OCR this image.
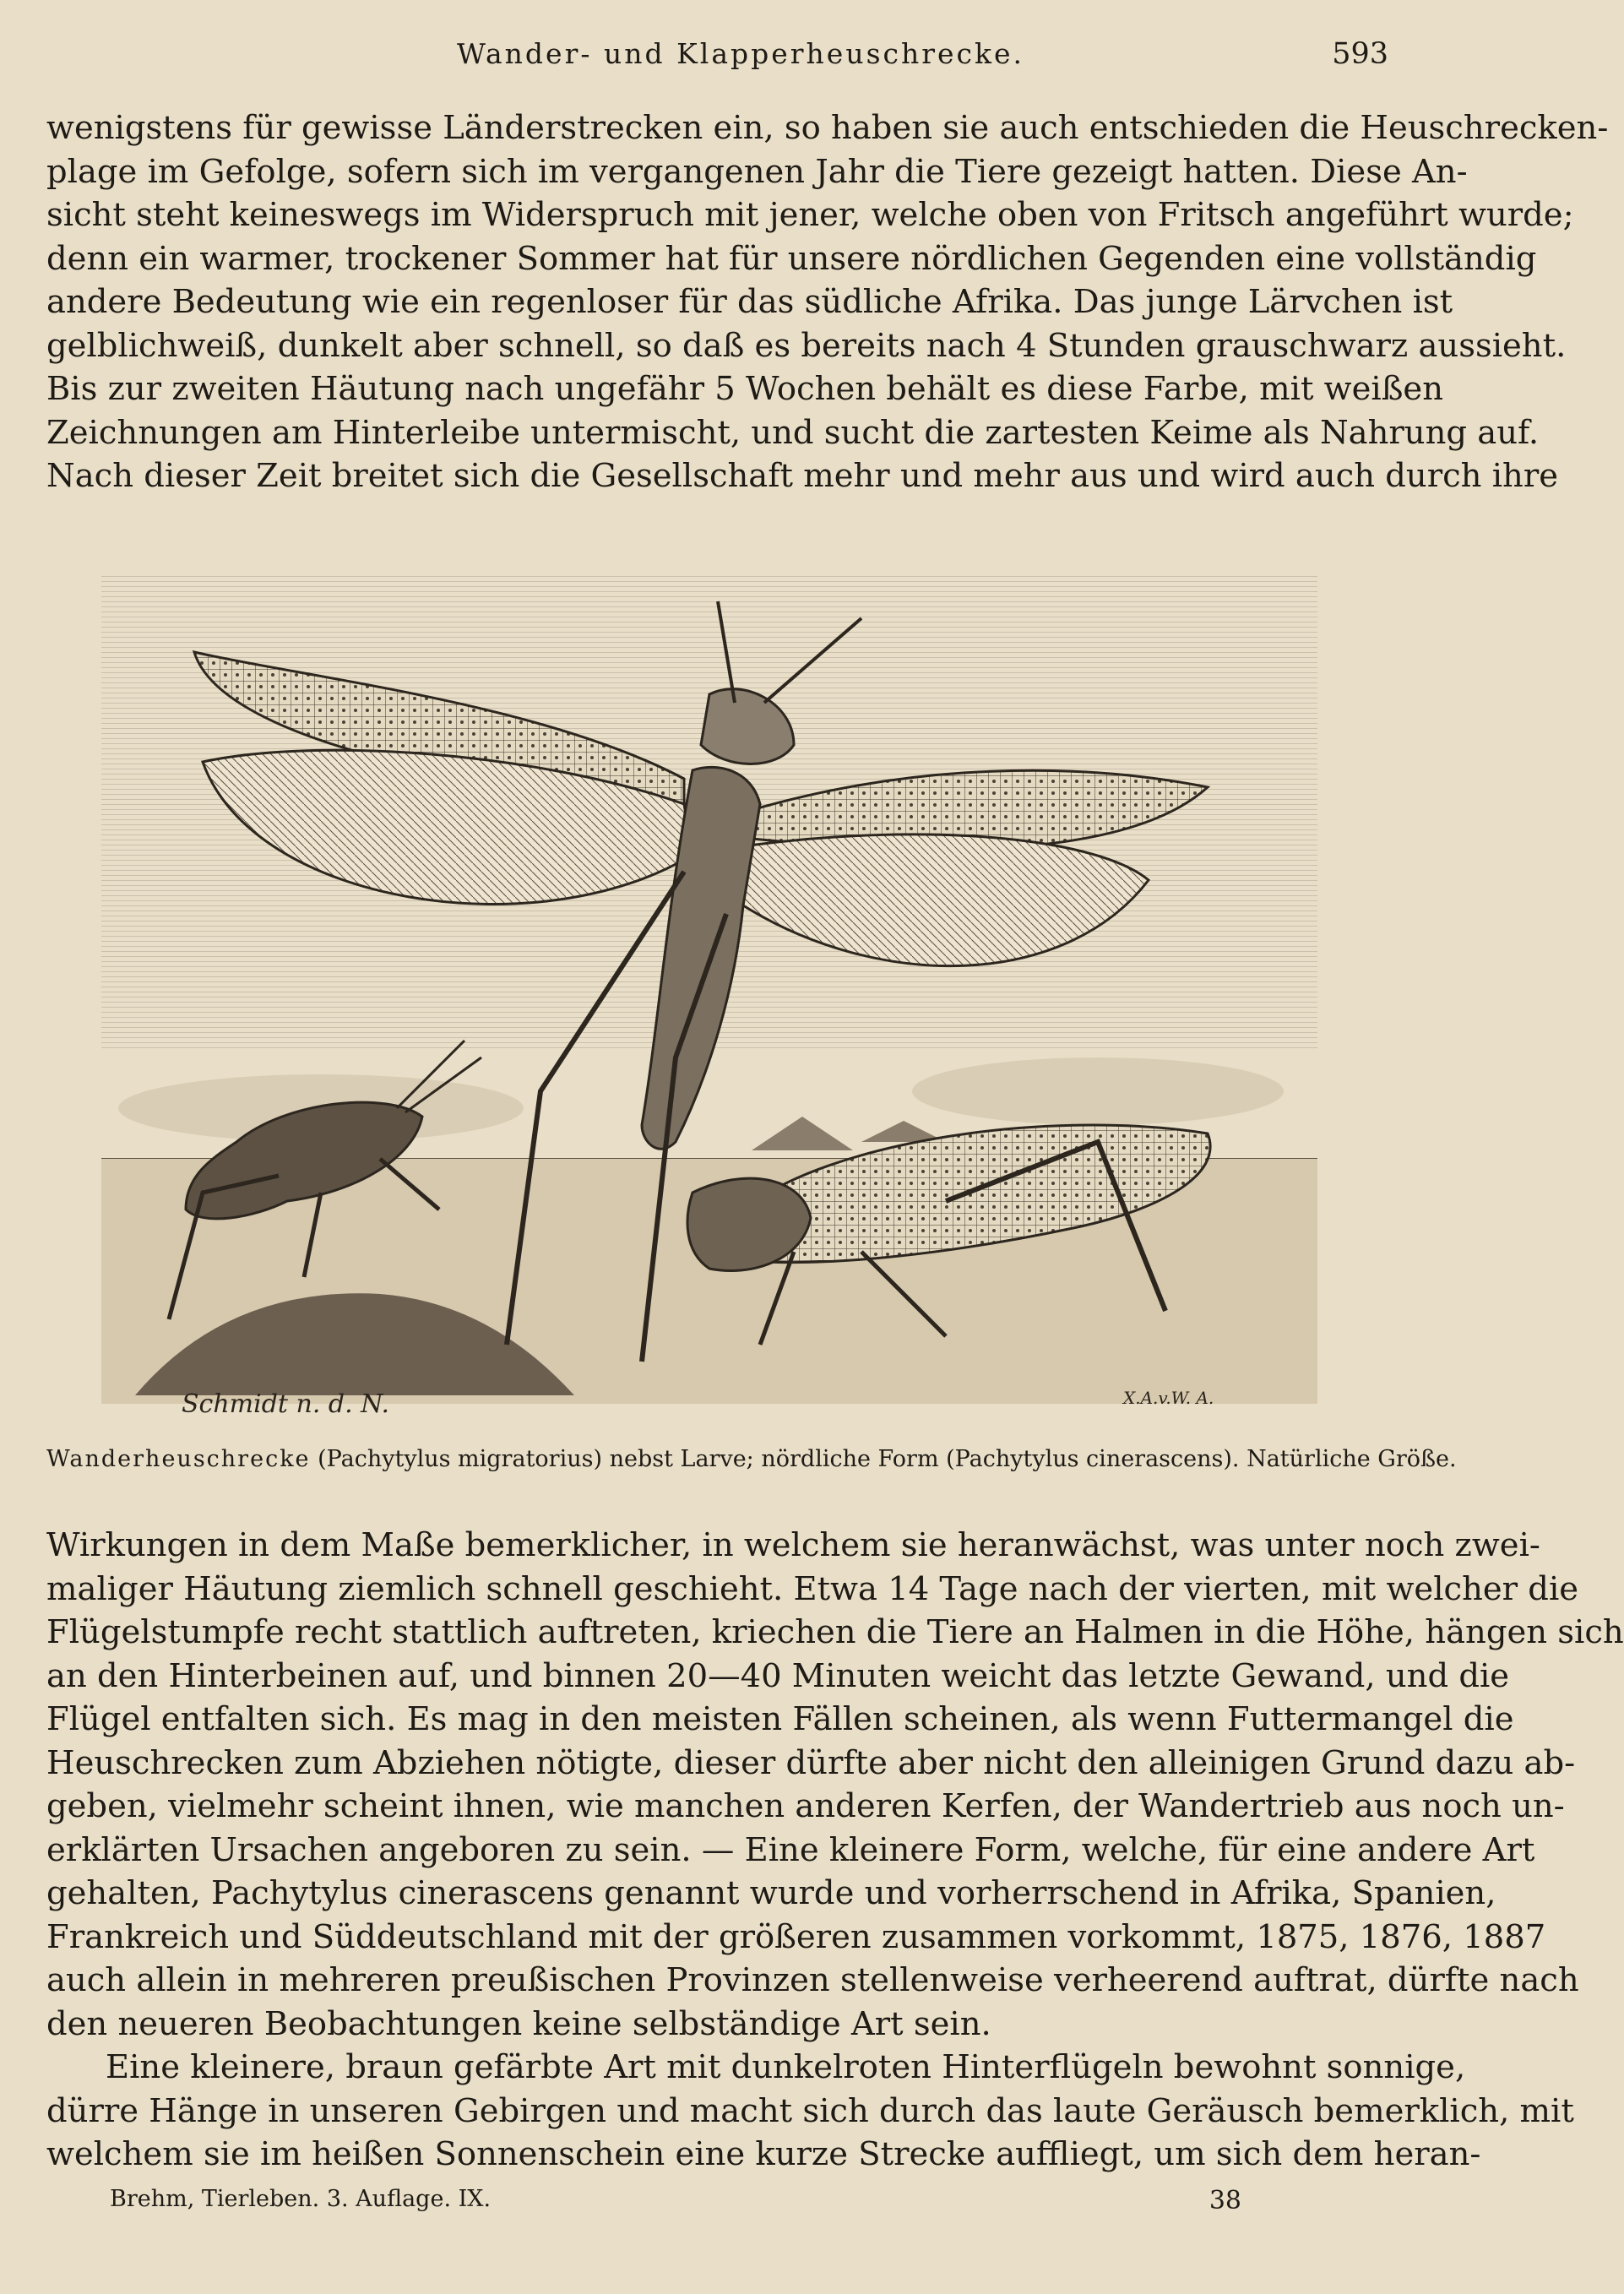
Wander- und Klapperheuschrecke.	593
wenigstens für gewisse Länderstrecken ein, so haben sie auch entschieden die Heuschrecken-
plage im Gefolge, sofern sich im vergangenen Jahr die Tiere gezeigt hatten. Diese An-
sicht steht keineswegs im Widerspruch mit jener, welche oben von Fritsch angeführt wurde;
denn ein warmer, trockener Sommer hat für unsere nördlichen Gegenden eine vollständig
andere Bedeutung wie ein regenloser für das südliche Afrika. Das junge Lärvchen ist
gelblichweiß, dunkelt aber schnell, so daß es bereits nach 4 Stunden grauschwarz aussieht.
Bis zur zweiten Häutung nach ungefähr 5 Wochen behält es diese Farbe, mit weißen
Zeichnungen am Hinterleibe untermischt, und sucht die zartesten Keime als Nahrung auf.
Nach dieser Zeit breitet sich die Gesellschaft mehr und mehr aus und wird auch durch ihre
Schmidt n. d. N.	X.A.v.W. A.
Wanderheuschrecke (Pachytylus migratorius) nebst Larve; nördliche Form (Pachytylus cinerascens). Natürliche Größe.
Wirkungen in dem Maße bemerklicher, in welchem sie heranwächst, was unter noch zwei-
maliger Häutung ziemlich schnell geschieht. Etwa 14 Tage nach der vierten, mit welcher die
Flügelstumpfe recht stattlich auftreten, kriechen die Tiere an Halmen in die Höhe, hängen sich
an den Hinterbeinen auf, und binnen 20—40 Minuten weicht das letzte Gewand, und die
Flügel entfalten sich. Es mag in den meisten Fällen scheinen, als wenn Futtermangel die
Heuschrecken zum Abziehen nötigte, dieser dürfte aber nicht den alleinigen Grund dazu ab-
geben, vielmehr scheint ihnen, wie manchen anderen Kerfen, der Wandertrieb aus noch un-
erklärten Ursachen angeboren zu sein. — Eine kleinere Form, welche, für eine andere Art
gehalten, Pachytylus cinerascens genannt wurde und vorherrschend in Afrika, Spanien,
Frankreich und Süddeutschland mit der größeren zusammen vorkommt, 1875, 1876, 1887
auch allein in mehreren preußischen Provinzen stellenweise verheerend auftrat, dürfte nach
den neueren Beobachtungen keine selbständige Art sein.
Eine kleinere, braun gefärbte Art mit dunkelroten Hinterflügeln bewohnt sonnige,
dürre Hänge in unseren Gebirgen und macht sich durch das laute Geräusch bemerklich, mit
welchem sie im heißen Sonnenschein eine kurze Strecke auffliegt, um sich dem heran-
Brehm, Tierleben. 3. Auflage. IX.	38
